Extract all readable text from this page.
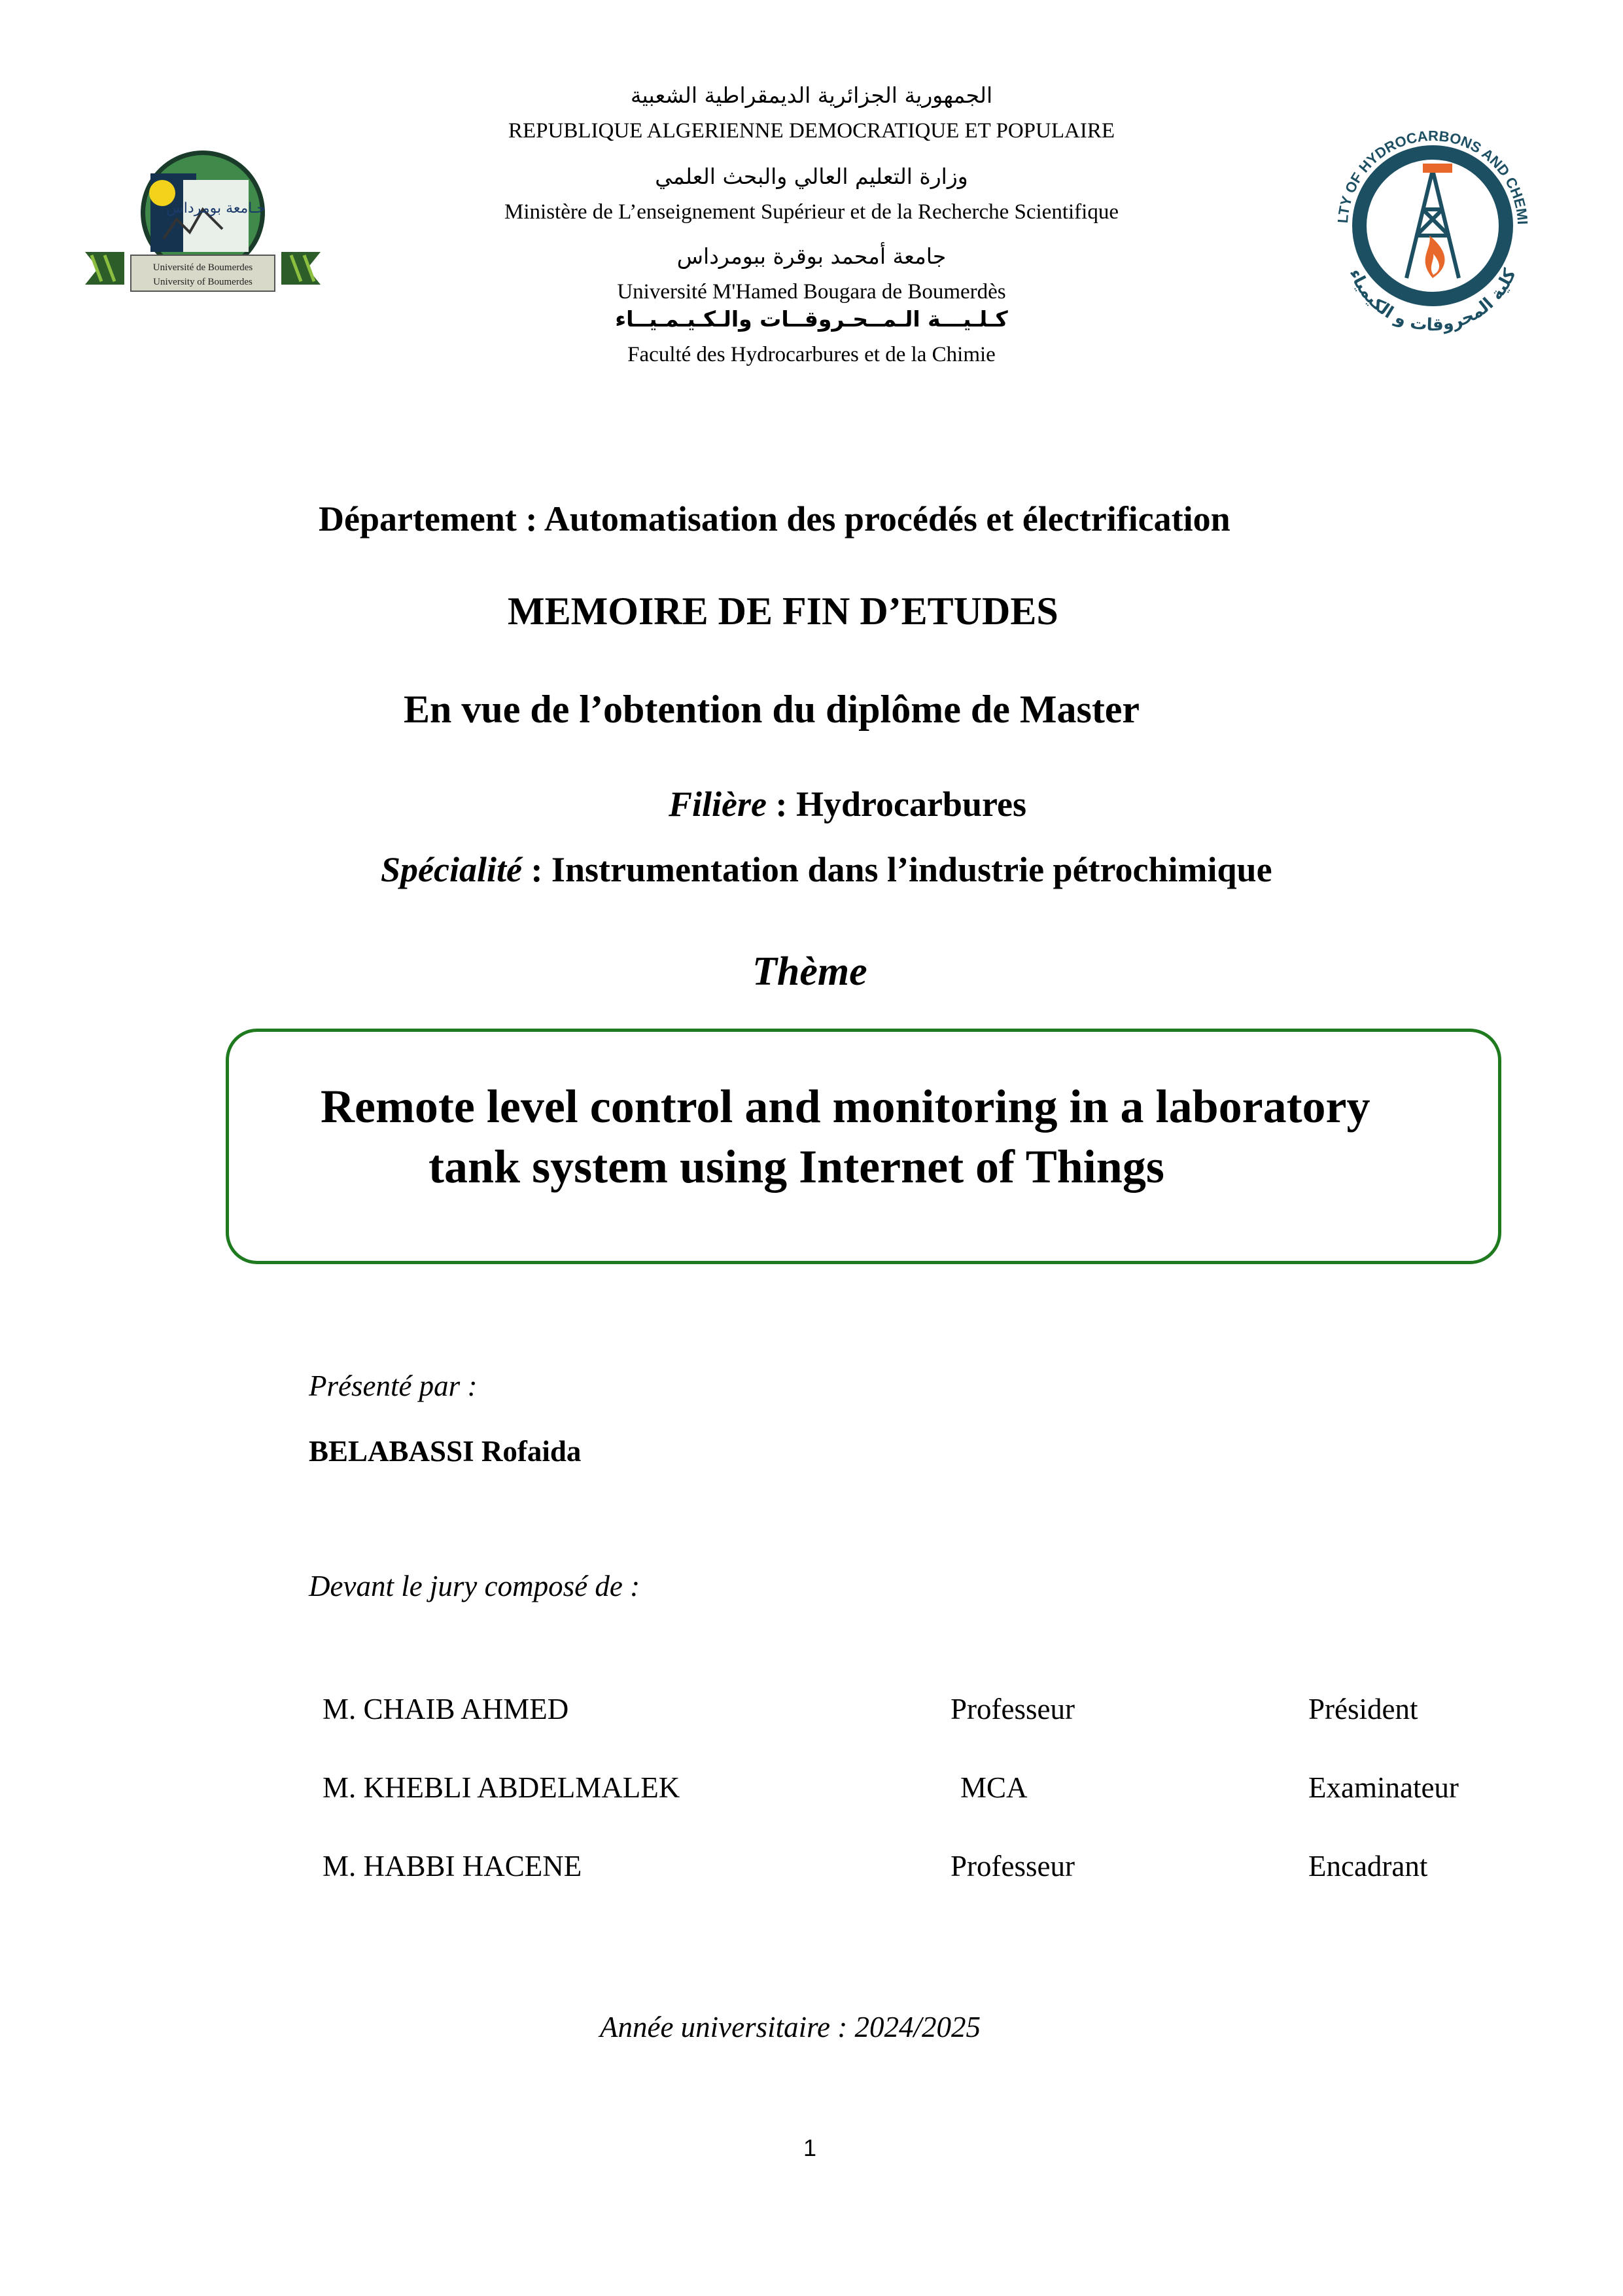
Université de Boumerdes
University of Boumerdes
جـامعة بومرداس
LTY OF HYDROCARBONS AND CHEMI
كلية المحروقات و الكيمياء
الجمهورية الجزائرية الديمقراطية الشعبية
REPUBLIQUE ALGERIENNE DEMOCRATIQUE ET POPULAIRE
وزارة التعليم العالي والبحث العلمي
Ministère de L’enseignement Supérieur et de la Recherche Scientifique
جامعة أمحمد بوقرة ببومرداس
Université M'Hamed Bougara de Boumerdès
كـلـيـــة الـمــحـروقــات والـكـيـمـيــاء
Faculté des Hydrocarbures et de la Chimie
Département : Automatisation des procédés et électrification
MEMOIRE DE FIN D’ETUDES
En vue de l’obtention du diplôme de Master
Filière : Hydrocarbures
Spécialité : Instrumentation dans l’industrie pétrochimique
Thème
Remote level control and monitoring in a laboratory
tank system using Internet of Things
Présenté par :
BELABASSI Rofaida
Devant le jury composé de :
M. CHAIB AHMED	Professeur	Président
M. KHEBLI ABDELMALEK	MCA	Examinateur
M. HABBI HACENE	Professeur	Encadrant
Année universitaire : 2024/2025
1
